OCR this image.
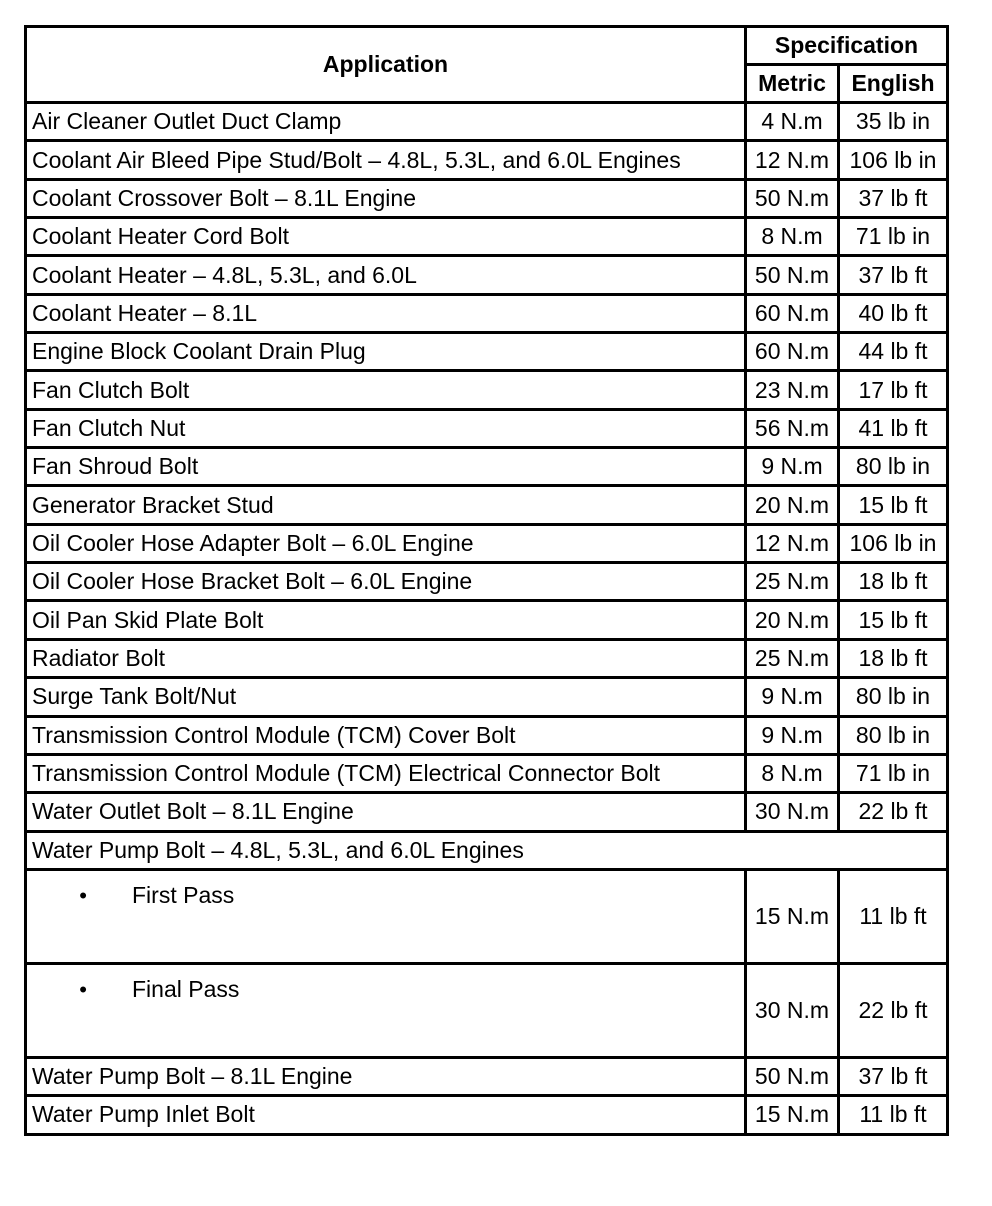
Application	Specification	
	Metric	English
Air Cleaner Outlet Duct Clamp	4 N.m	35 lb in
Coolant Air Bleed Pipe Stud/Bolt – 4.8L, 5.3L, and 6.0L Engines	12 N.m	106 lb in
Coolant Crossover Bolt – 8.1L Engine	50 N.m	37 lb ft
Coolant Heater Cord Bolt	8 N.m	71 lb in
Coolant Heater – 4.8L, 5.3L, and 6.0L	50 N.m	37 lb ft
Coolant Heater – 8.1L	60 N.m	40 lb ft
Engine Block Coolant Drain Plug	60 N.m	44 lb ft
Fan Clutch Bolt	23 N.m	17 lb ft
Fan Clutch Nut	56 N.m	41 lb ft
Fan Shroud Bolt	9 N.m	80 lb in
Generator Bracket Stud	20 N.m	15 lb ft
Oil Cooler Hose Adapter Bolt – 6.0L Engine	12 N.m	106 lb in
Oil Cooler Hose Bracket Bolt – 6.0L Engine	25 N.m	18 lb ft
Oil Pan Skid Plate Bolt	20 N.m	15 lb ft
Radiator Bolt	25 N.m	18 lb ft
Surge Tank Bolt/Nut	9 N.m	80 lb in
Transmission Control Module (TCM) Cover Bolt	9 N.m	80 lb in
Transmission Control Module (TCM) Electrical Connector Bolt	8 N.m	71 lb in
Water Outlet Bolt – 8.1L Engine	30 N.m	22 lb ft
Water Pump Bolt – 4.8L, 5.3L, and 6.0L Engines		
• First Pass	15 N.m	11 lb ft
• Final Pass	30 N.m	22 lb ft
Water Pump Bolt – 8.1L Engine	50 N.m	37 lb ft
Water Pump Inlet Bolt	15 N.m	11 lb ft
